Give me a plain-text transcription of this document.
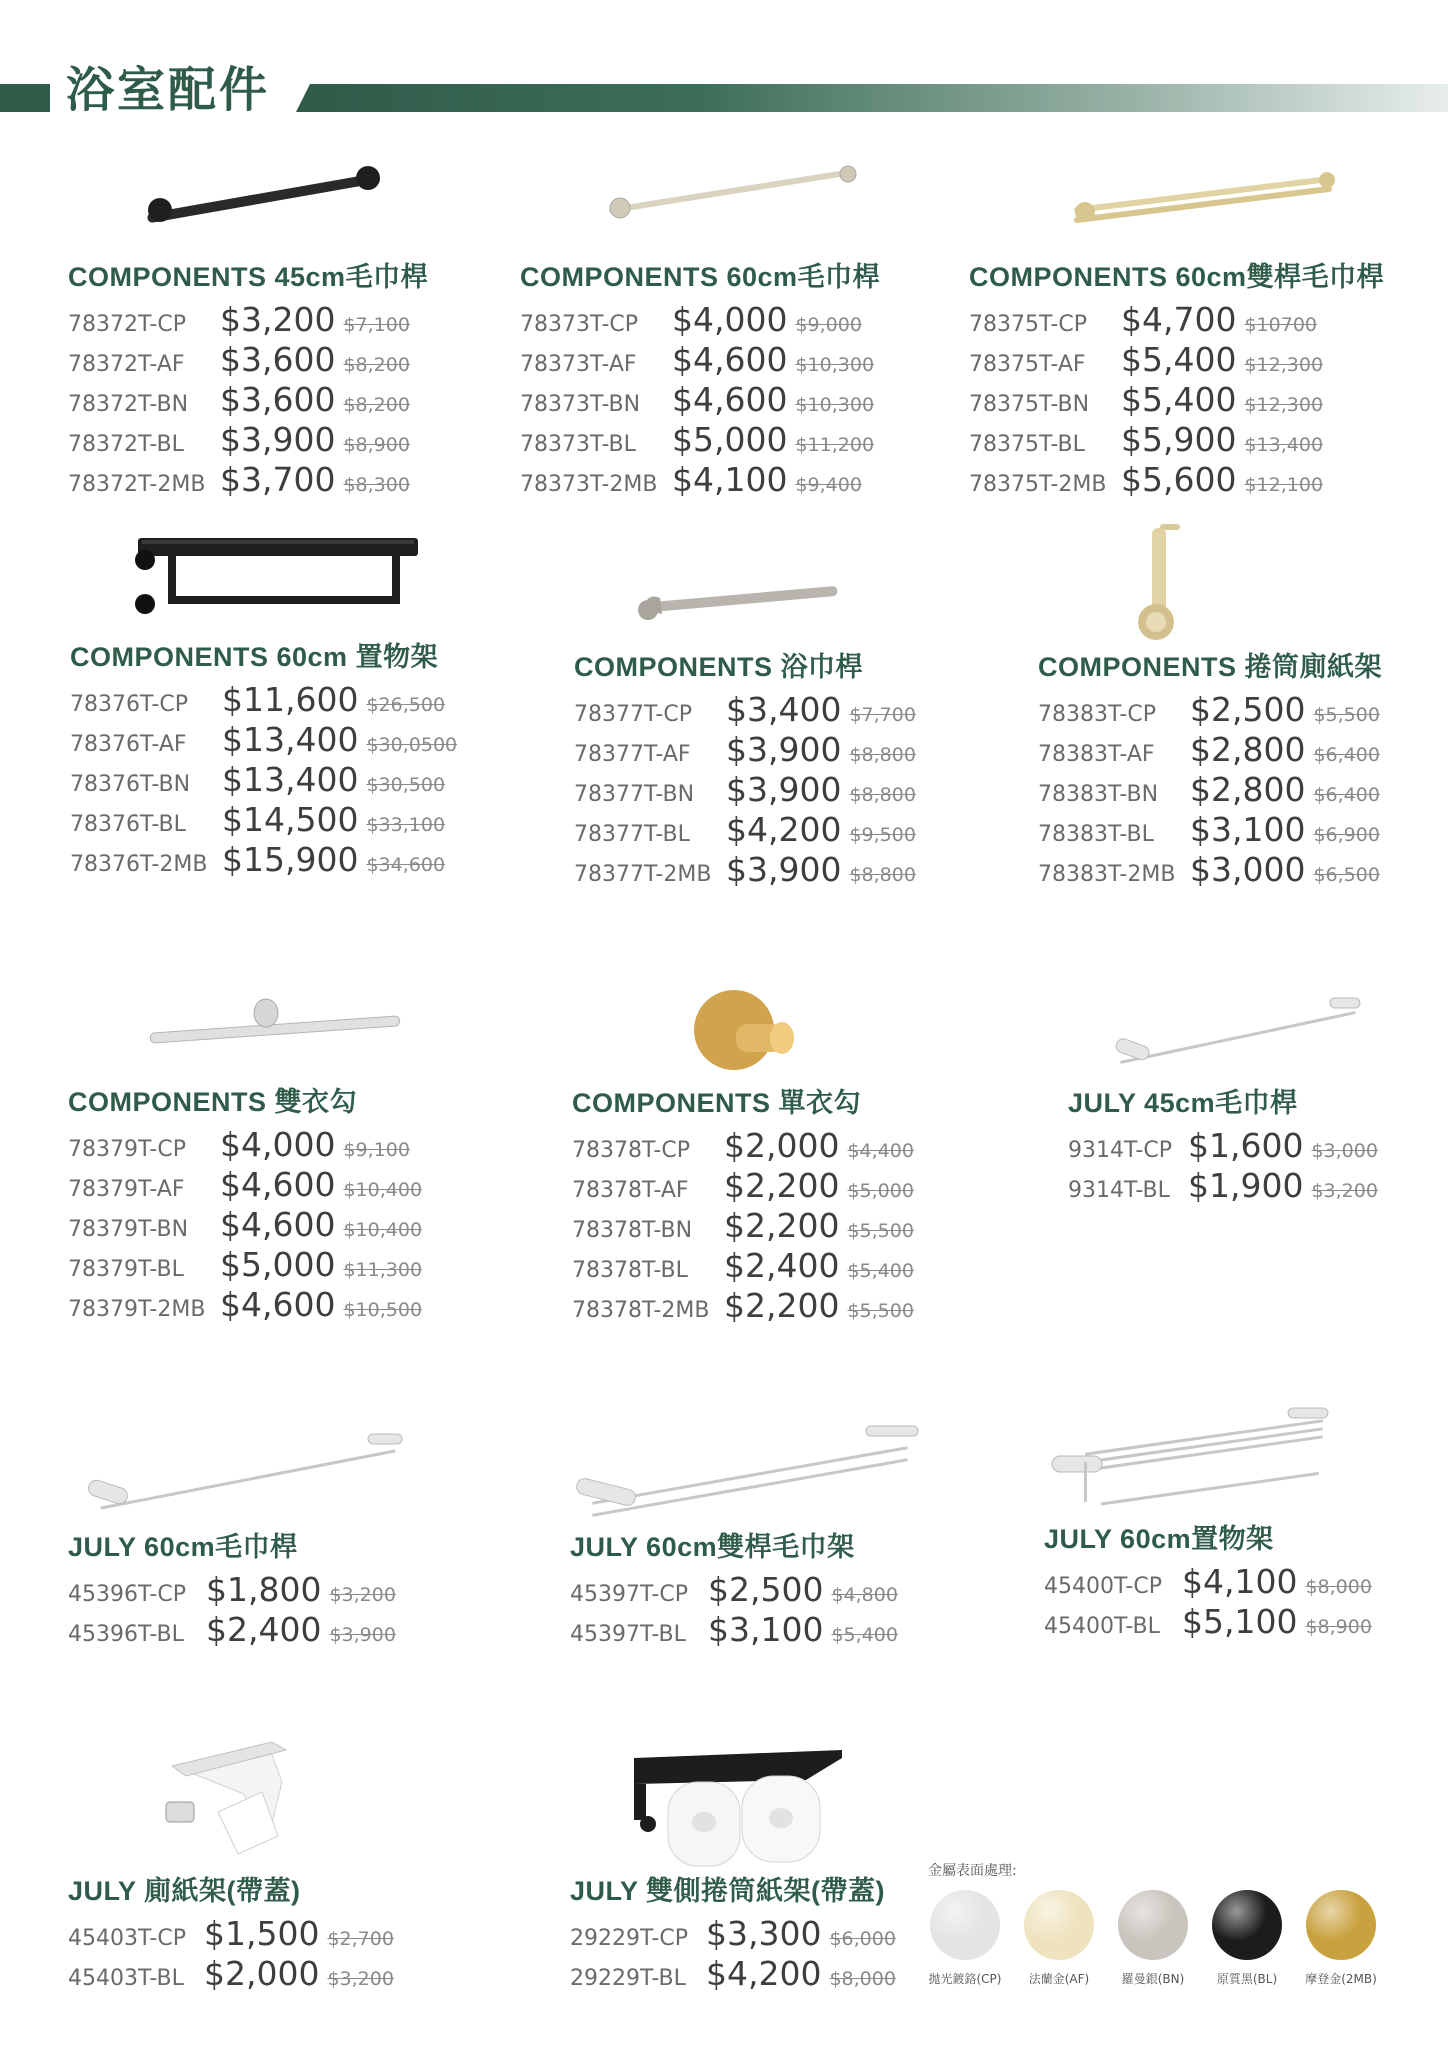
浴室配件
COMPONENTS 45cm毛巾桿
78372T-CP	$3,200 $7,100
78372T-AF	$3,600 $8,200
78372T-BN $3,600 $8,200
78372T-BL	$3,900 $8,900
78372T-2MB $3,700 $8,300
COMPONENTS 60cm毛巾桿
78373T-CP	$4,000 $9,000
78373T-AF	$4,600 $10,300
78373T-BN $4,600 $10,300
78373T-BL	$5,000 $11,200
78373T-2MB $4,100 $9,400
COMPONENTS 60cm雙桿毛巾桿
78375T-CP	$4,700 $10700
78375T-AF	$5,400 $12,300
78375T-BN $5,400 $12,300
78375T-BL	$5,900 $13,400
78375T-2MB $5,600 $12,100
COMPONENTS 60cm 置物架
78376T-CP	$11,600 $26,500
78376T-AF	$13,400 $30,0500
78376T-BN $13,400 $30,500
78376T-BL	$14,500 $33,100
78376T-2MB $15,900 $34,600
COMPONENTS 浴巾桿
78377T-CP	$3,400 $7,700
78377T-AF	$3,900 $8,800
78377T-BN $3,900 $8,800
78377T-BL	$4,200 $9,500
78377T-2MB $3,900 $8,800
COMPONENTS 捲筒廁紙架
78383T-CP	$2,500 $5,500
78383T-AF	$2,800 $6,400
78383T-BN $2,800 $6,400
78383T-BL	$3,100 $6,900
78383T-2MB $3,000 $6,500
COMPONENTS 雙衣勾
78379T-CP	$4,000 $9,100
78379T-AF	$4,600 $10,400
78379T-BN $4,600 $10,400
78379T-BL	$5,000 $11,300
78379T-2MB $4,600 $10,500
COMPONENTS 單衣勾
78378T-CP	$2,000 $4,400
78378T-AF	$2,200 $5,000
78378T-BN $2,200 $5,500
78378T-BL	$2,400 $5,400
78378T-2MB $2,200 $5,500
JULY 45cm毛巾桿
9314T-CP $1,600 $3,000
9314T-BL $1,900 $3,200
JULY 60cm毛巾桿
45396T-CP $1,800 $3,200
45396T-BL $2,400 $3,900
JULY 60cm雙桿毛巾架
45397T-CP $2,500 $4,800
45397T-BL $3,100 $5,400
JULY 60cm置物架
45400T-CP $4,100 $8,000
45400T-BL $5,100 $8,900
JULY 廁紙架(帶蓋)
45403T-CP $1,500 $2,700
45403T-BL $2,000 $3,200
JULY 雙側捲筒紙架(帶蓋)
29229T-CP $3,300 $6,000
29229T-BL $4,200 $8,000
金屬表面處理:
拋光鍍鉻(CP) 法蘭金(AF)	羅曼銀(BN)	原質黑(BL) 摩登金(2MB)
